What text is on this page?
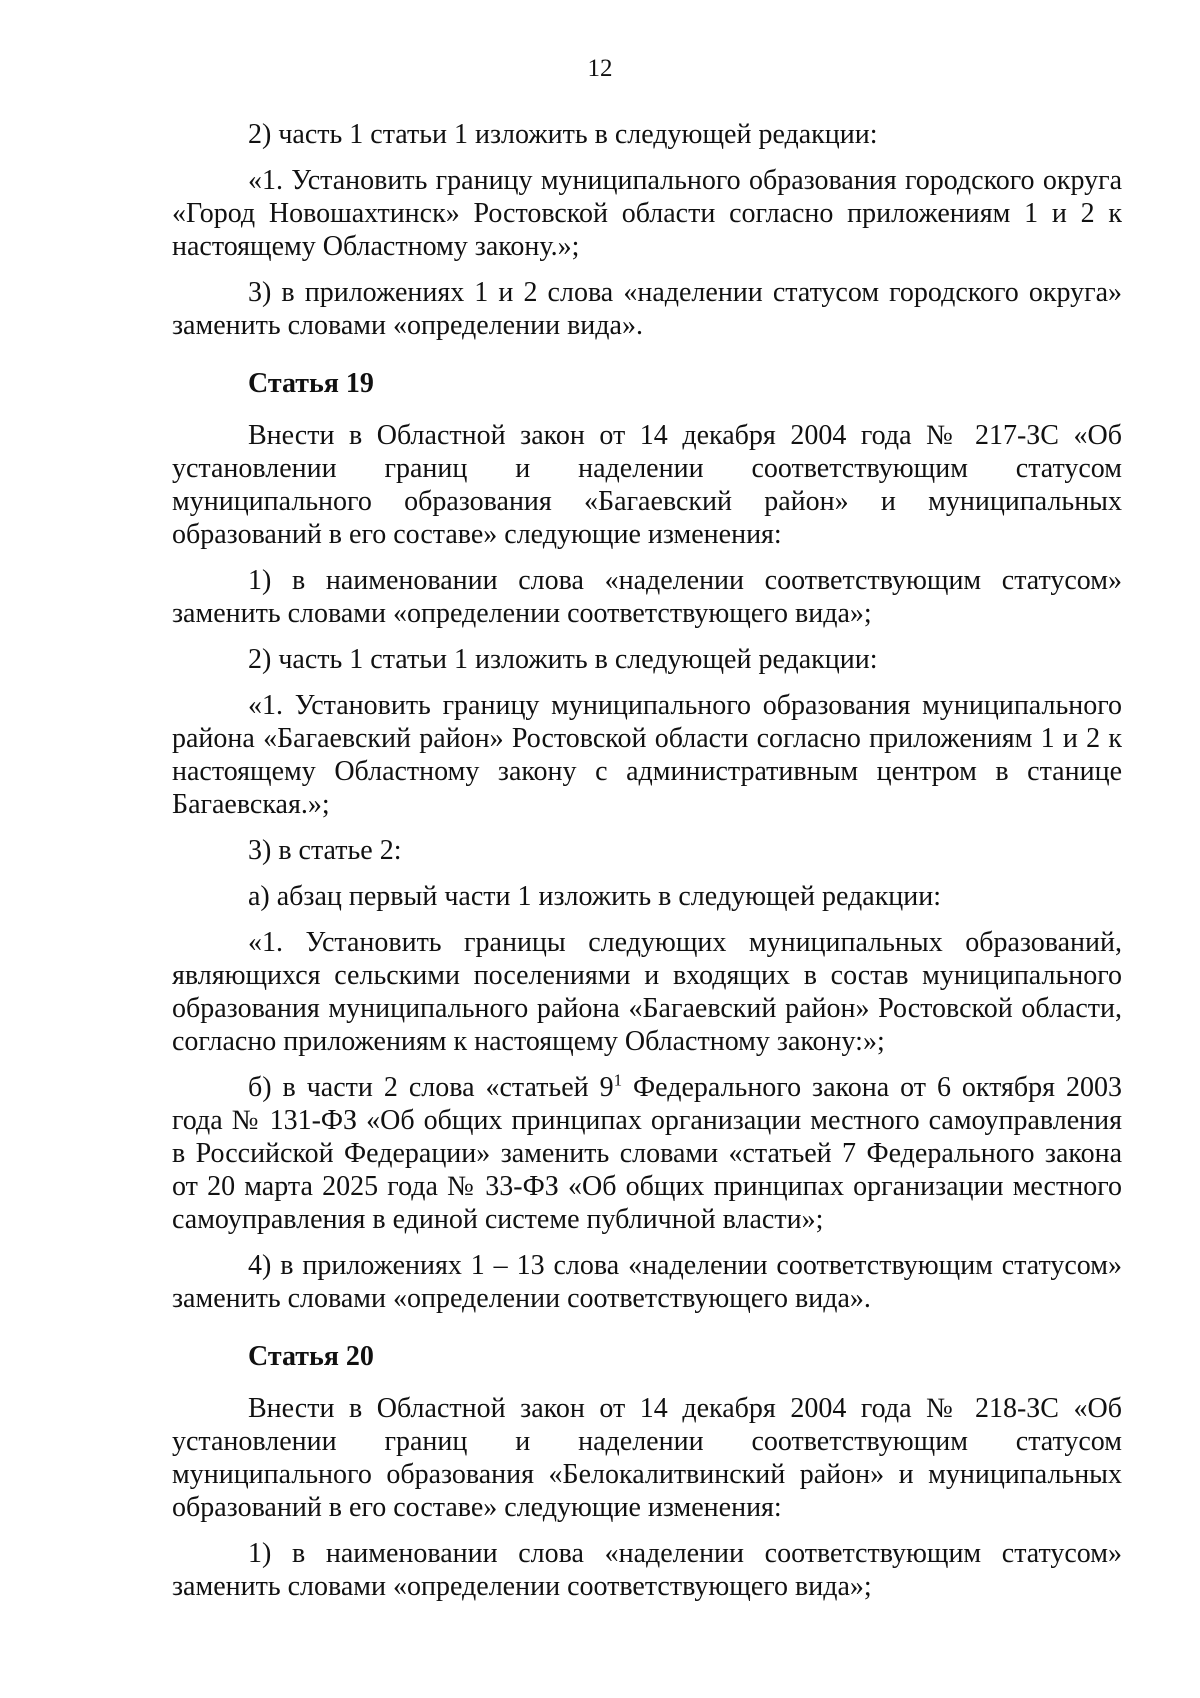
12

2) часть 1 статьи 1 изложить в следующей редакции:

«1. Установить границу муниципального образования городского округа «Город Новошахтинск» Ростовской области согласно приложениям 1 и 2 к настоящему Областному закону.»;

3) в приложениях 1 и 2 слова «наделении статусом городского округа» заменить словами «определении вида».

Статья 19

Внести в Областной закон от 14 декабря 2004 года № 217-ЗС «Об установлении границ и наделении соответствующим статусом муниципального образования «Багаевский район» и муниципальных образований в его составе» следующие изменения:

1) в наименовании слова «наделении соответствующим статусом» заменить словами «определении соответствующего вида»;

2) часть 1 статьи 1 изложить в следующей редакции:

«1. Установить границу муниципального образования муниципального района «Багаевский район» Ростовской области согласно приложениям 1 и 2 к настоящему Областному закону с административным центром в станице Багаевская.»;

3) в статье 2:

а) абзац первый части 1 изложить в следующей редакции:

«1. Установить границы следующих муниципальных образований, являющихся сельскими поселениями и входящих в состав муниципального образования муниципального района «Багаевский район» Ростовской области, согласно приложениям к настоящему Областному закону:»;

б) в части 2 слова «статьей $9^1$ Федерального закона от 6 октября 2003 года № 131-ФЗ «Об общих принципах организации местного самоуправления в Российской Федерации» заменить словами «статьей 7 Федерального закона от 20 марта 2025 года № 33-ФЗ «Об общих принципах организации местного самоуправления в единой системе публичной власти»;

4) в приложениях 1 – 13 слова «наделении соответствующим статусом» заменить словами «определении соответствующего вида».

Статья 20

Внести в Областной закон от 14 декабря 2004 года № 218-ЗС «Об установлении границ и наделении соответствующим статусом муниципального образования «Белокалитвинский район» и муниципальных образований в его составе» следующие изменения:

1) в наименовании слова «наделении соответствующим статусом» заменить словами «определении соответствующего вида»;
